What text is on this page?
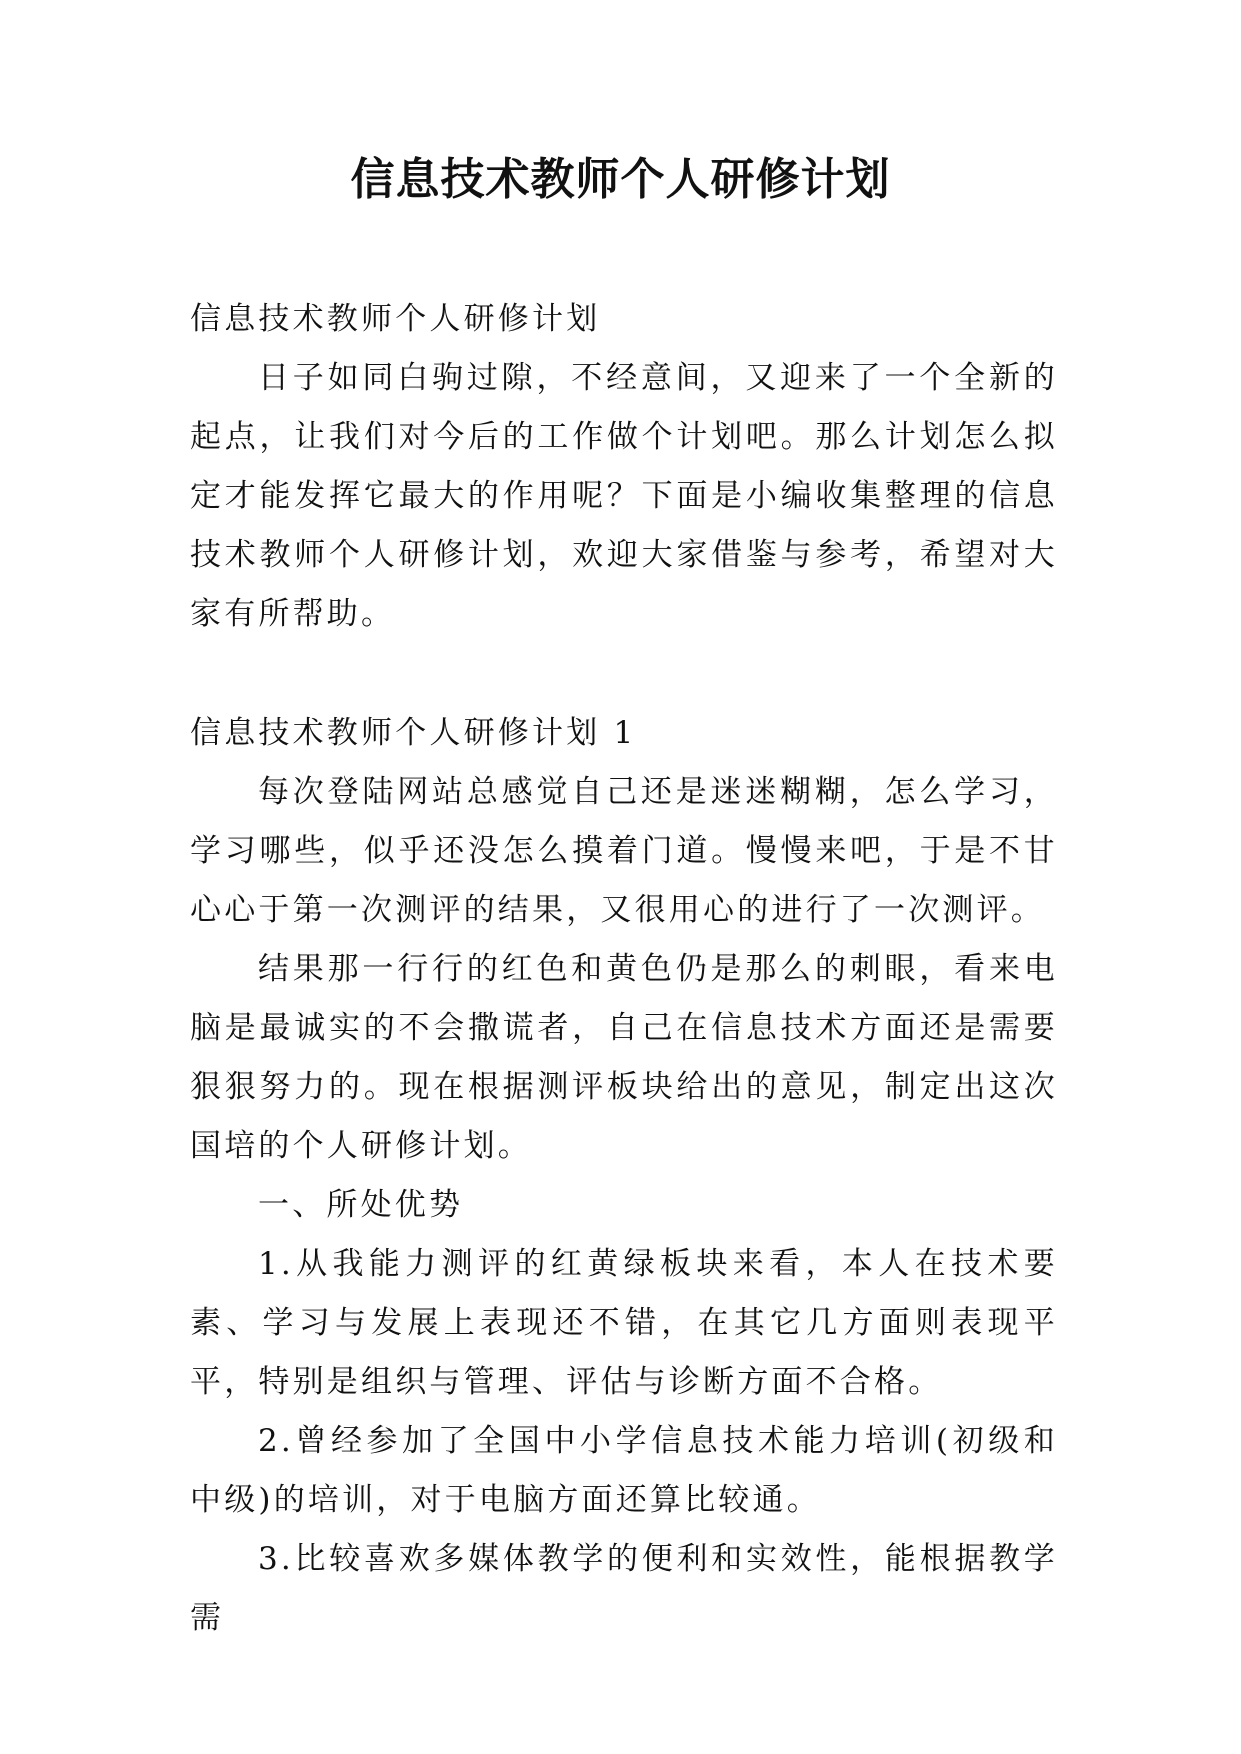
信息技术教师个人研修计划

信息技术教师个人研修计划

日子如同白驹过隙，不经意间，又迎来了一个全新的起点，让我们对今后的工作做个计划吧。那么计划怎么拟定才能发挥它最大的作用呢？下面是小编收集整理的信息技术教师个人研修计划，欢迎大家借鉴与参考，希望对大家有所帮助。

信息技术教师个人研修计划 1

每次登陆网站总感觉自己还是迷迷糊糊，怎么学习，学习哪些，似乎还没怎么摸着门道。慢慢来吧，于是不甘心心于第一次测评的结果，又很用心的进行了一次测评。

结果那一行行的红色和黄色仍是那么的刺眼，看来电脑是最诚实的不会撒谎者，自己在信息技术方面还是需要狠狠努力的。现在根据测评板块给出的意见，制定出这次国培的个人研修计划。

一、所处优势

1.从我能力测评的红黄绿板块来看，本人在技术要素、学习与发展上表现还不错，在其它几方面则表现平平，特别是组织与管理、评估与诊断方面不合格。

2.曾经参加了全国中小学信息技术能力培训(初级和中级)的培训，对于电脑方面还算比较通。

3.比较喜欢多媒体教学的便利和实效性，能根据教学需
